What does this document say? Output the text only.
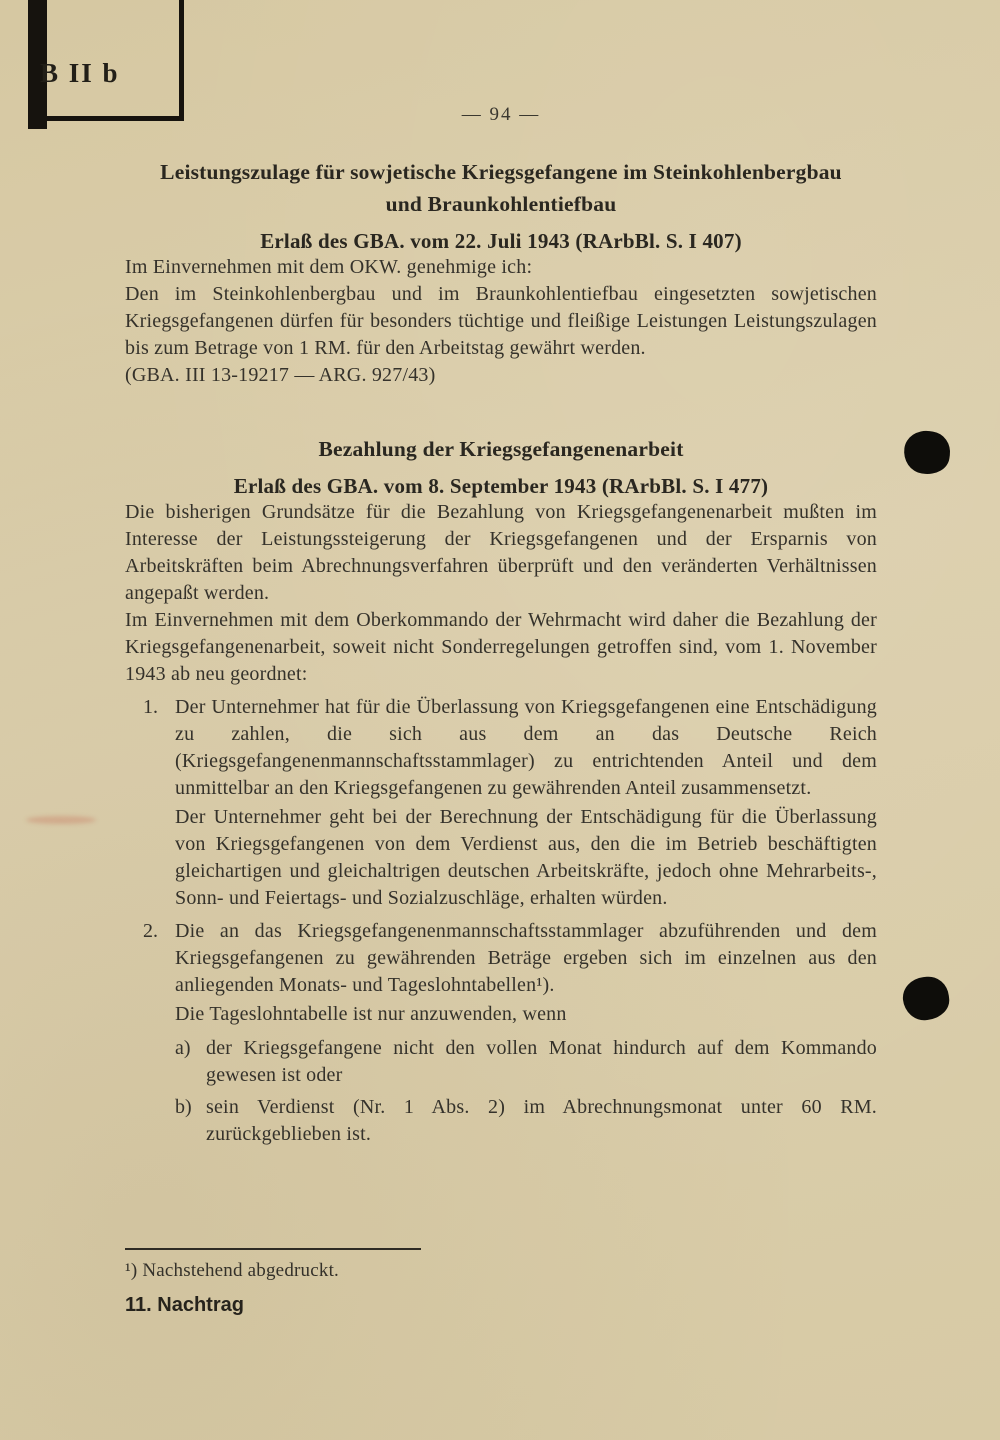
B II b
— 94 —
Leistungszulage für sowjetische Kriegsgefangene im Steinkohlenbergbau
und Braunkohlentiefbau
Erlaß des GBA. vom 22. Juli 1943 (RArbBl. S. I 407)

Im Einvernehmen mit dem OKW. genehmige ich:

Den im Steinkohlenbergbau und im Braunkohlentiefbau eingesetzten sowjetischen Kriegsgefangenen dürfen für besonders tüchtige und fleißige Leistungen Leistungszulagen bis zum Betrage von 1 RM. für den Arbeitstag gewährt werden.

(GBA. III 13-19217 — ARG. 927/43)

Bezahlung der Kriegsgefangenenarbeit
Erlaß des GBA. vom 8. September 1943 (RArbBl. S. I 477)

Die bisherigen Grundsätze für die Bezahlung von Kriegsgefangenenarbeit mußten im Interesse der Leistungssteigerung der Kriegsgefangenen und der Ersparnis von Arbeitskräften beim Abrechnungsverfahren überprüft und den veränderten Verhältnissen angepaßt werden.

Im Einvernehmen mit dem Oberkommando der Wehrmacht wird daher die Bezahlung der Kriegsgefangenenarbeit, soweit nicht Sonderregelungen getroffen sind, vom 1. November 1943 ab neu geordnet:

1. Der Unternehmer hat für die Überlassung von Kriegsgefangenen eine Entschädigung zu zahlen, die sich aus dem an das Deutsche Reich (Kriegsgefangenenmannschaftsstammlager) zu entrichtenden Anteil und dem unmittelbar an den Kriegsgefangenen zu gewährenden Anteil zusammensetzt.

Der Unternehmer geht bei der Berechnung der Entschädigung für die Überlassung von Kriegsgefangenen von dem Verdienst aus, den die im Betrieb beschäftigten gleichartigen und gleichaltrigen deutschen Arbeitskräfte, jedoch ohne Mehrarbeits-, Sonn- und Feiertags- und Sozialzuschläge, erhalten würden.

2. Die an das Kriegsgefangenenmannschaftsstammlager abzuführenden und dem Kriegsgefangenen zu gewährenden Beträge ergeben sich im einzelnen aus den anliegenden Monats- und Tageslohntabellen¹).

Die Tageslohntabelle ist nur anzuwenden, wenn

a) der Kriegsgefangene nicht den vollen Monat hindurch auf dem Kommando gewesen ist oder

b) sein Verdienst (Nr. 1 Abs. 2) im Abrechnungsmonat unter 60 RM. zurückgeblieben ist.

¹) Nachstehend abgedruckt.
11. Nachtrag
